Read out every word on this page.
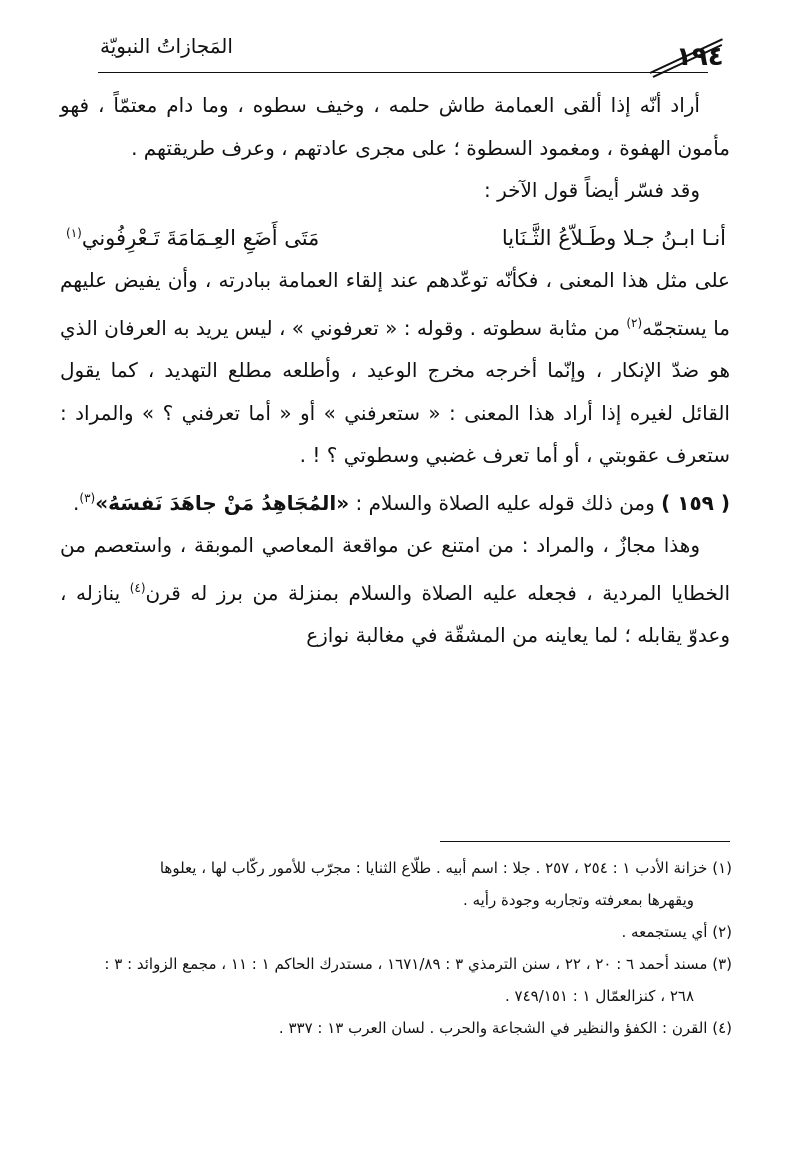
المَجازاتُ النبويّة	١٩٤

أراد أنّه إذا ألقى العمامة طاش حلمه ، وخيف سطوه ، وما دام معتمّاً ، فهو مأمون الهفوة ، ومغمود السطوة ؛ على مجرى عادتهم ، وعرف طريقتهم .

وقد فسّر أيضاً قول الآخر :

أنـا ابـنُ جـلا وطَـلاّعُ الثَّـنَايا
مَتَى أَضَعِ العِـمَامَةَ تَـعْرِفُوني$^{(١)}$

على مثل هذا المعنى ، فكأنّه توعّدهم عند إلقاء العمامة ببادرته ، وأن يفيض عليهم ما يستجمّه$^{(٢)}$ من مثابة سطوته . وقوله : « تعرفوني » ، ليس يريد به العرفان الذي هو ضدّ الإنكار ، وإنّما أخرجه مخرج الوعيد ، وأطلعه مطلع التهديد ، كما يقول القائل لغيره إذا أراد هذا المعنى : « ستعرفني » أو « أما تعرفني ؟ » والمراد : ستعرف عقوبتي ، أو أما تعرف غضبي وسطوتي ؟ ! .

( ١٥٩ ) ومن ذلك قوله عليه الصلاة والسلام : «المُجَاهِدُ مَنْ جاهَدَ نَفسَهُ»$^{(٣)}$.

وهذا مجازٌ ، والمراد : من امتنع عن مواقعة المعاصي الموبقة ، واستعصم من الخطايا المردية ، فجعله عليه الصلاة والسلام بمنزلة من برز له قرن$^{(٤)}$ ينازله ، وعدوّ يقابله ؛ لما يعاينه من المشقّة في مغالبة نوازع

(١) خزانة الأدب ١ : ٢٥٤ ، ٢٥٧ . جلا : اسم أبيه . طلّاع الثنايا : مجرّب للأمور ركّاب لها ، يعلوها

ويقهرها بمعرفته وتجاربه وجودة رأيه .

(٢) أي يستجمعه .

(٣) مسند أحمد ٦ : ٢٠ ، ٢٢ ، سنن الترمذي ٣ : ١٦٧١/٨٩ ، مستدرك الحاكم ١ : ١١ ، مجمع الزوائد : ٣ :

٢٦٨ ، كنزالعمّال ١ : ٧٤٩/١٥١ .

(٤) القرن : الكفؤ والنظير في الشجاعة والحرب . لسان العرب ١٣ : ٣٣٧ .
